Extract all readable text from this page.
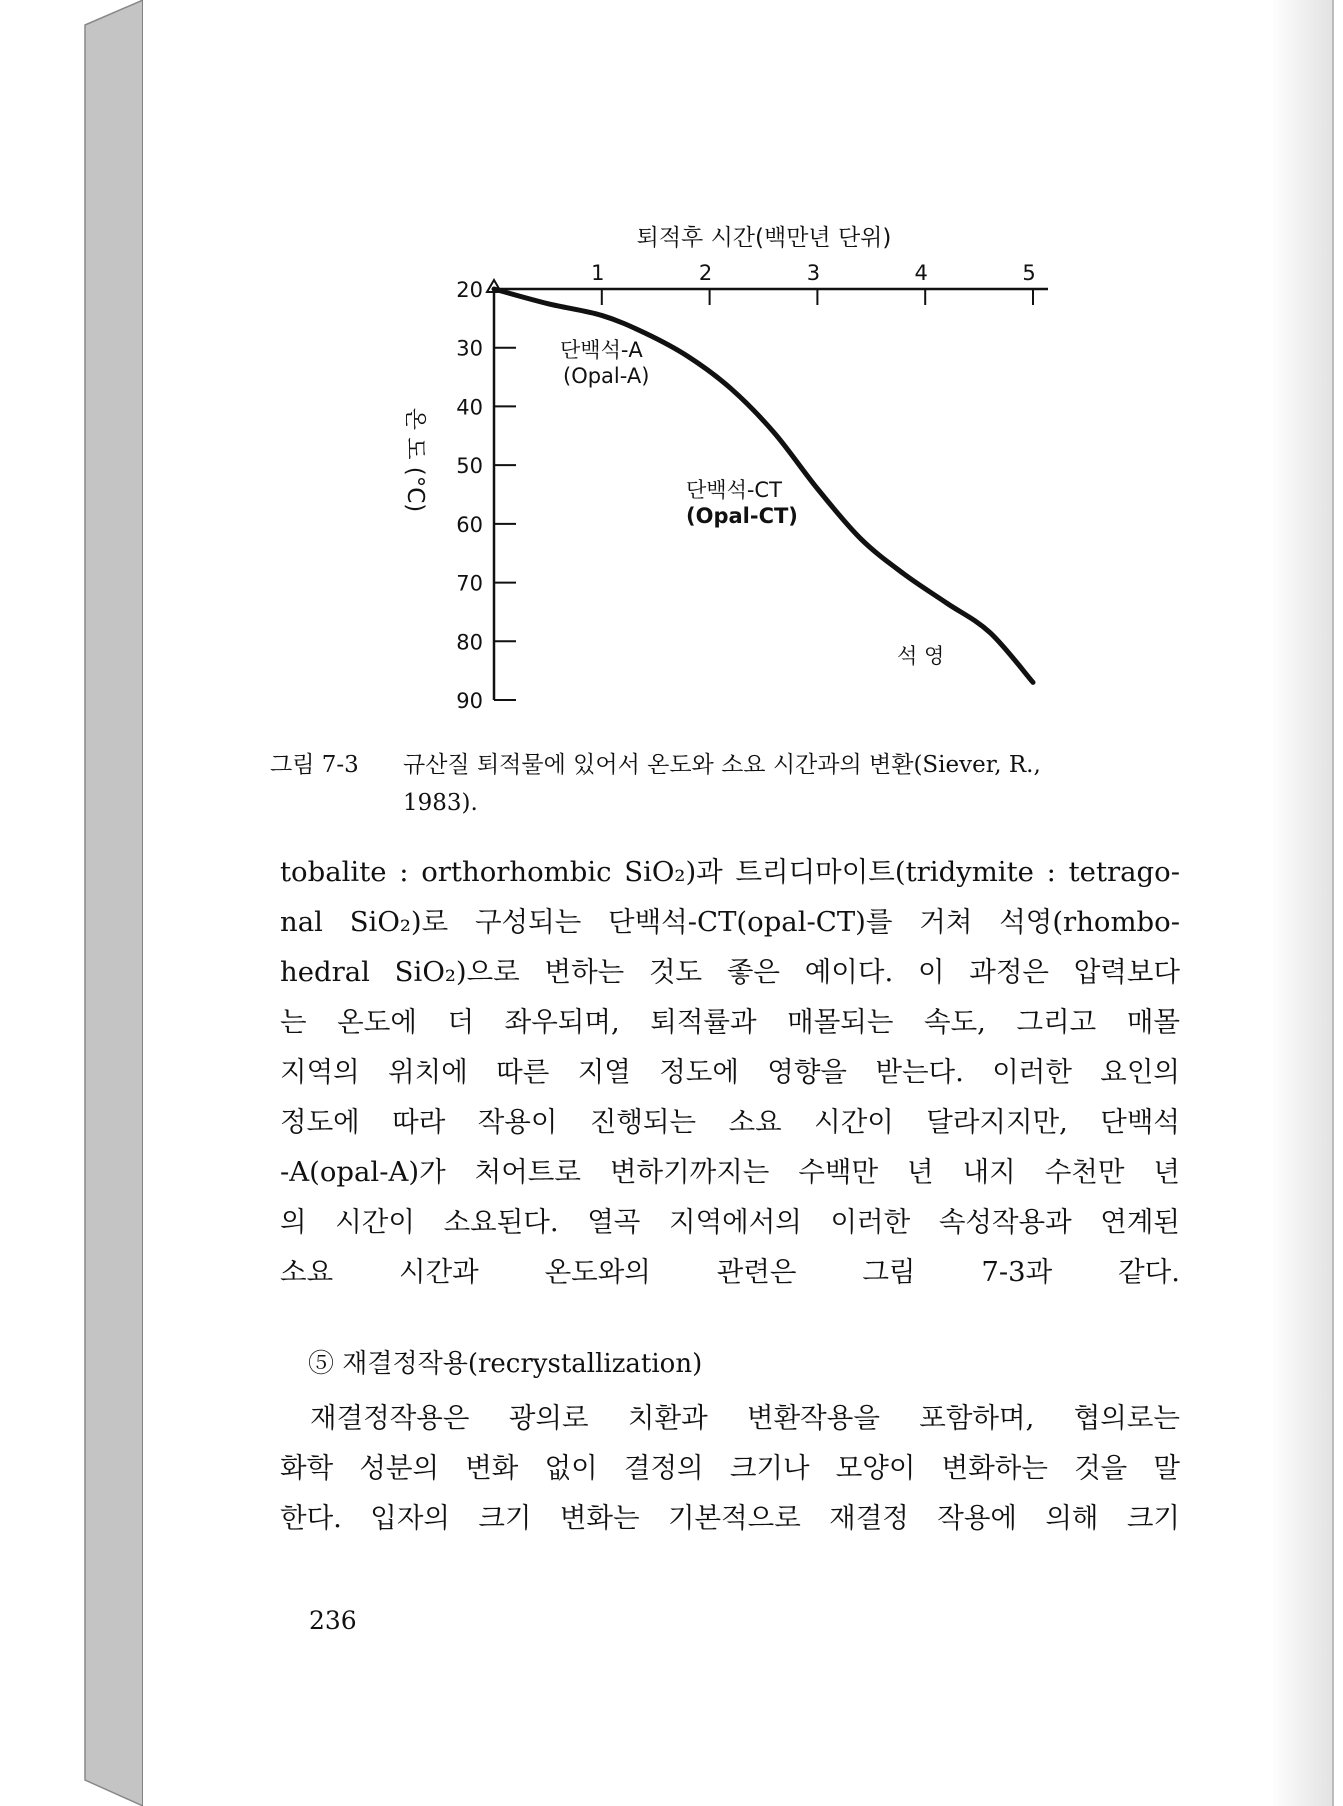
1	2	3	4	5
20
30
40
50
60
70
80
90
퇴적후 시간(백만년 단위)
온 도 (°C)
단백석-A
(Opal-A)
단백석-CT
(Opal-CT)
석 영
그림 7-3 규산질 퇴적물에 있어서 온도와 소요 시간과의 변환(Siever, R.,
1983).
tobalite : orthorhombic SiO₂)과 트리디마이트(tridymite : tetrago-
nal SiO₂)로 구성되는 단백석-CT(opal-CT)를 거쳐 석영(rhombo-
hedral SiO₂)으로 변하는 것도 좋은 예이다. 이 과정은 압력보다
는 온도에 더 좌우되며, 퇴적률과 매몰되는 속도, 그리고 매몰
지역의 위치에 따른 지열 정도에 영향을 받는다. 이러한 요인의
정도에 따라 작용이 진행되는 소요 시간이 달라지지만, 단백석
-A(opal-A)가 처어트로 변하기까지는 수백만 년 내지 수천만 년
의 시간이 소요된다. 열곡 지역에서의 이러한 속성작용과 연계된
소요 시간과 온도와의 관련은 그림 7-3과 같다.
⑤ 재결정작용(recrystallization)
재결정작용은 광의로 치환과 변환작용을 포함하며, 협의로는
화학 성분의 변화 없이 결정의 크기나 모양이 변화하는 것을 말
한다. 입자의 크기 변화는 기본적으로 재결정 작용에 의해 크기
236
